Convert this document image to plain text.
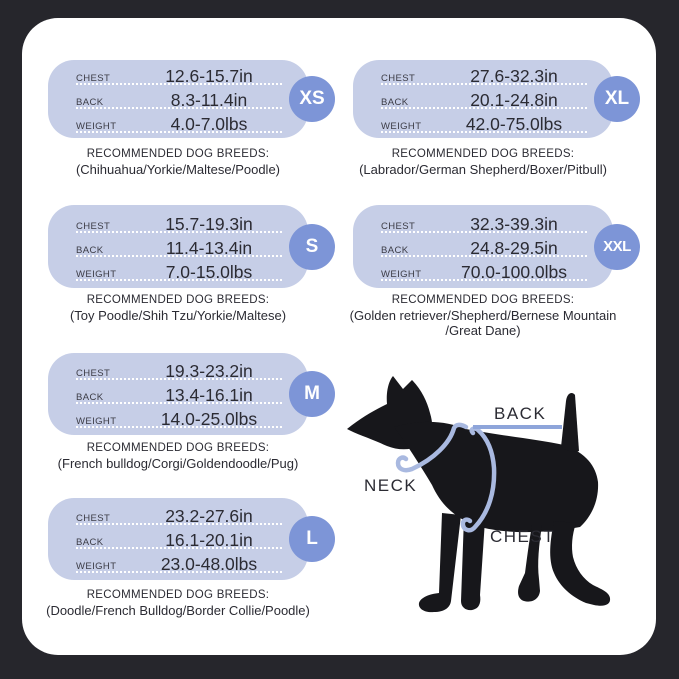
CHEST	12.6-15.7in
BACK	8.3-11.4in
WEIGHT	4.0-7.0lbs
XS
RECOMMENDED DOG BREEDS:
(Chihuahua/Yorkie/Maltese/Poodle)
CHEST	27.6-32.3in
BACK	20.1-24.8in
WEIGHT	42.0-75.0lbs
XL
RECOMMENDED DOG BREEDS:
(Labrador/German Shepherd/Boxer/Pitbull)
CHEST	15.7-19.3in
BACK	11.4-13.4in
WEIGHT	7.0-15.0lbs
S
RECOMMENDED DOG BREEDS:
(Toy Poodle/Shih Tzu/Yorkie/Maltese)
CHEST	32.3-39.3in
BACK	24.8-29.5in
WEIGHT	70.0-100.0lbs
XXL
RECOMMENDED DOG BREEDS:
(Golden retriever/Shepherd/Bernese Mountain /Great Dane)
CHEST	19.3-23.2in
BACK	13.4-16.1in
WEIGHT	14.0-25.0lbs
M
RECOMMENDED DOG BREEDS:
(French bulldog/Corgi/Goldendoodle/Pug)
CHEST	23.2-27.6in
BACK	16.1-20.1in
WEIGHT	23.0-48.0lbs
L
RECOMMENDED DOG BREEDS:
(Doodle/French Bulldog/Border Collie/Poodle)
BACK
NECK
CHEST
